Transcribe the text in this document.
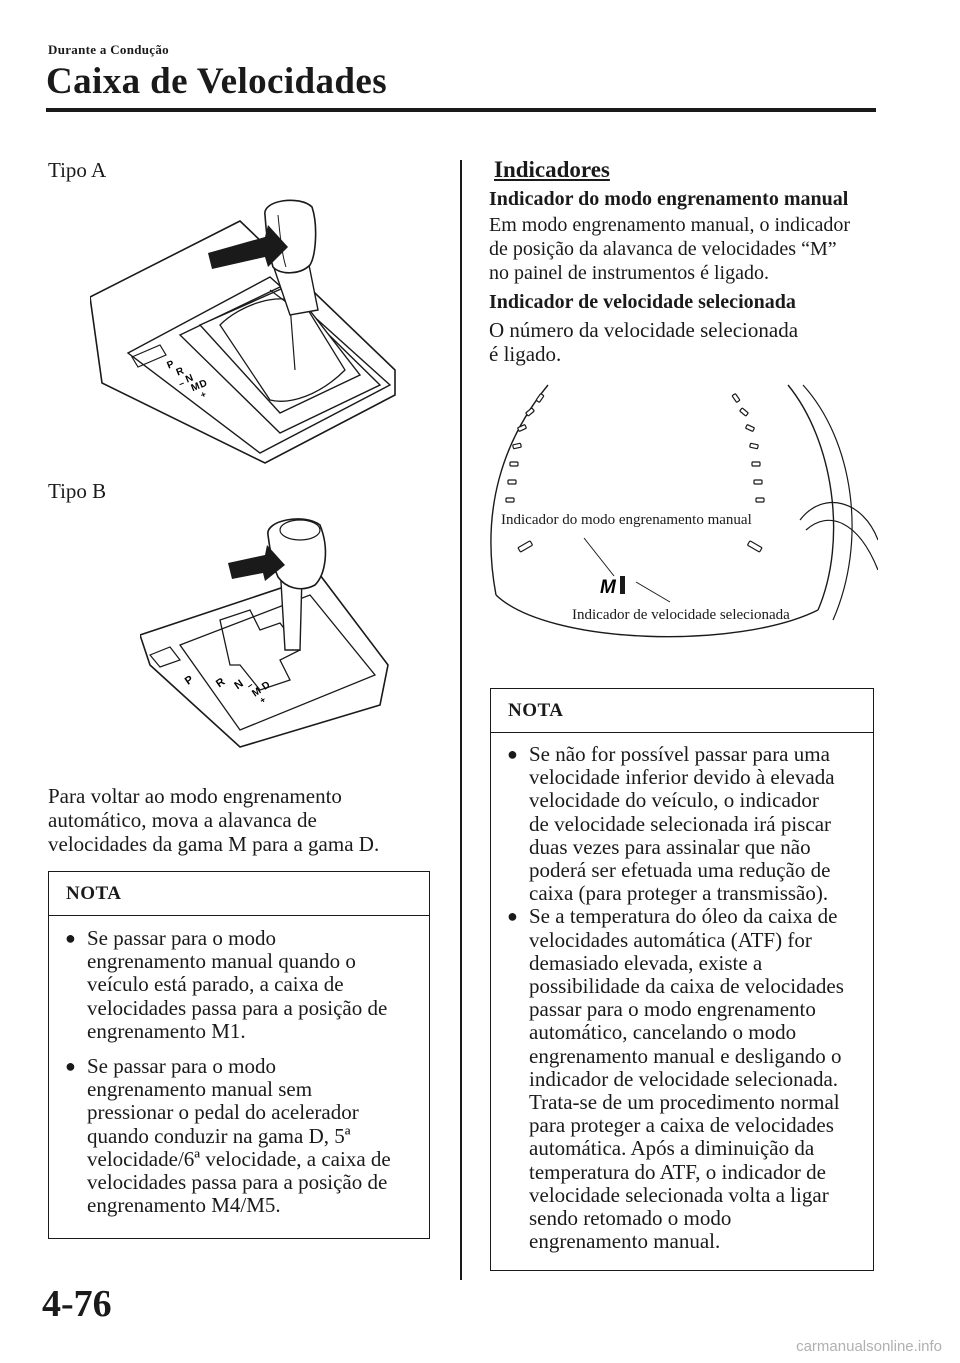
Durante a Condução
Caixa de Velocidades
Tipo A
P
R
N
M
D
−
+
Tipo B
P R N
M
D
−
+
Para voltar ao modo engrenamento
automático, mova a alavanca de
velocidades da gama M para a gama D.
NOTA
● Se passar para o modo
engrenamento manual quando o
veículo está parado, a caixa de
velocidades passa para a posição de
engrenamento M1.
● Se passar para o modo
engrenamento manual sem
pressionar o pedal do acelerador
quando conduzir na gama D, 5ª
velocidade/6ª velocidade, a caixa de
velocidades passa para a posição de
engrenamento M4/M5.
Indicadores
Indicador do modo engrenamento manual
Em modo engrenamento manual, o indicador
de posição da alavanca de velocidades “M”
no painel de instrumentos é ligado.
Indicador de velocidade selecionada
O número da velocidade selecionada
é ligado.
M
Indicador do modo engrenamento manual
Indicador de velocidade selecionada
NOTA
● Se não for possível passar para uma
velocidade inferior devido à elevada
velocidade do veículo, o indicador
de velocidade selecionada irá piscar
duas vezes para assinalar que não
poderá ser efetuada uma redução de
caixa (para proteger a transmissão).
● Se a temperatura do óleo da caixa de
velocidades automática (ATF) for
demasiado elevada, existe a
possibilidade da caixa de velocidades
passar para o modo engrenamento
automático, cancelando o modo
engrenamento manual e desligando o
indicador de velocidade selecionada.
Trata-se de um procedimento normal
para proteger a caixa de velocidades
automática. Após a diminuição da
temperatura do ATF, o indicador de
velocidade selecionada volta a ligar
sendo retomado o modo
engrenamento manual.
4-76
carmanualsonline.info
